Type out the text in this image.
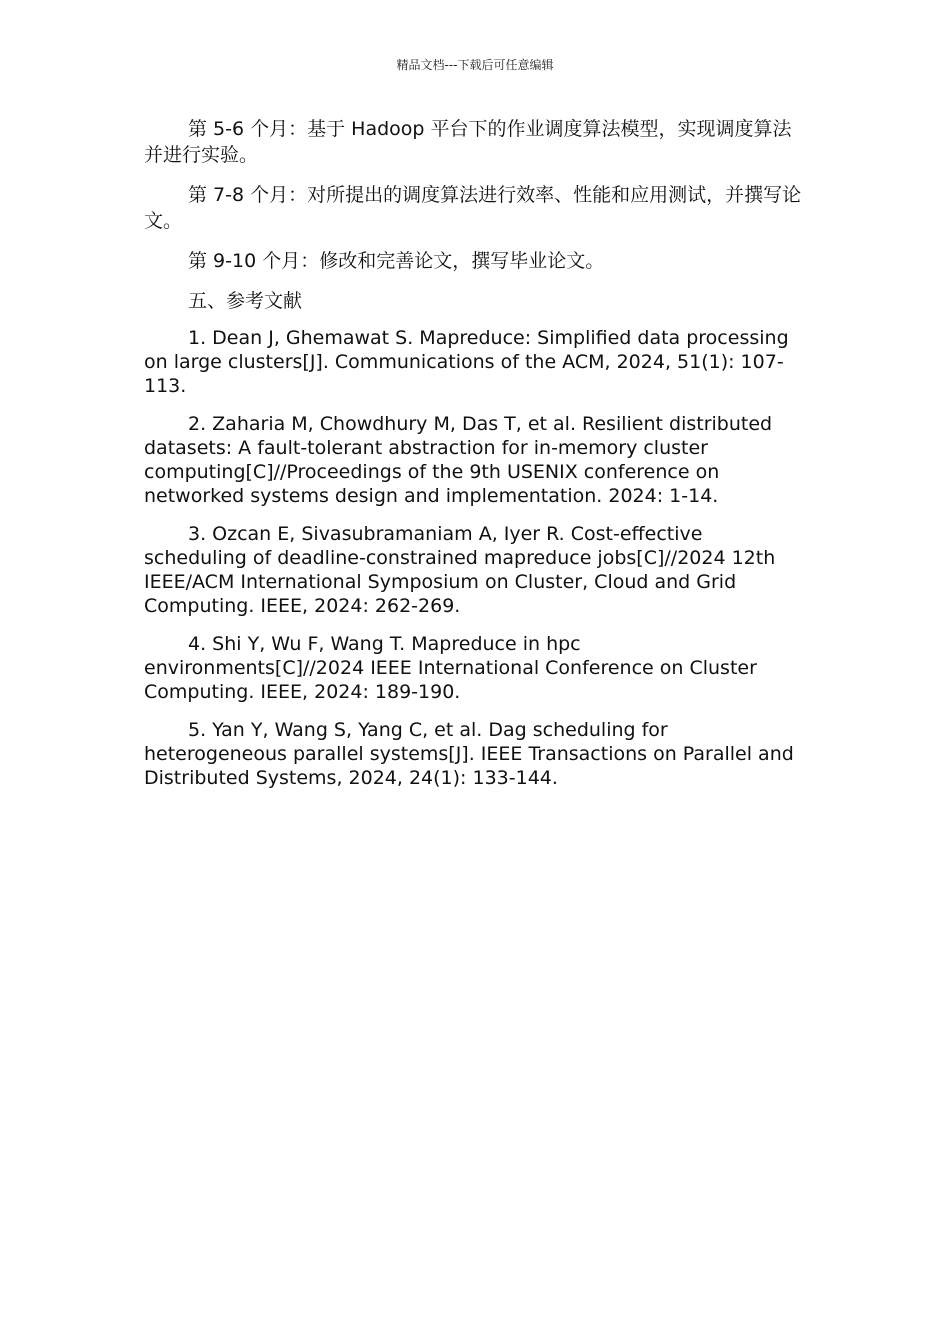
精品文档---下载后可任意编辑

第 5-6 个月：基于 Hadoop 平台下的作业调度算法模型，实现调度算法并进行实验。

第 7-8 个月：对所提出的调度算法进行效率、性能和应用测试，并撰写论文。

第 9-10 个月：修改和完善论文，撰写毕业论文。

五、参考文献

1. Dean J, Ghemawat S. Mapreduce: Simplified data processing on large clusters[J]. Communications of the ACM, 2024, 51(1): 107-113.

2. Zaharia M, Chowdhury M, Das T, et al. Resilient distributed datasets: A fault-tolerant abstraction for in-memory cluster computing[C]//Proceedings of the 9th USENIX conference on networked systems design and implementation. 2024: 1-14.

3. Ozcan E, Sivasubramaniam A, Iyer R. Cost-effective scheduling of deadline-constrained mapreduce jobs[C]//2024 12th IEEE/ACM International Symposium on Cluster, Cloud and Grid Computing. IEEE, 2024: 262-269.

4. Shi Y, Wu F, Wang T. Mapreduce in hpc environments[C]//2024 IEEE International Conference on Cluster Computing. IEEE, 2024: 189-190.

5. Yan Y, Wang S, Yang C, et al. Dag scheduling for heterogeneous parallel systems[J]. IEEE Transactions on Parallel and Distributed Systems, 2024, 24(1): 133-144.
